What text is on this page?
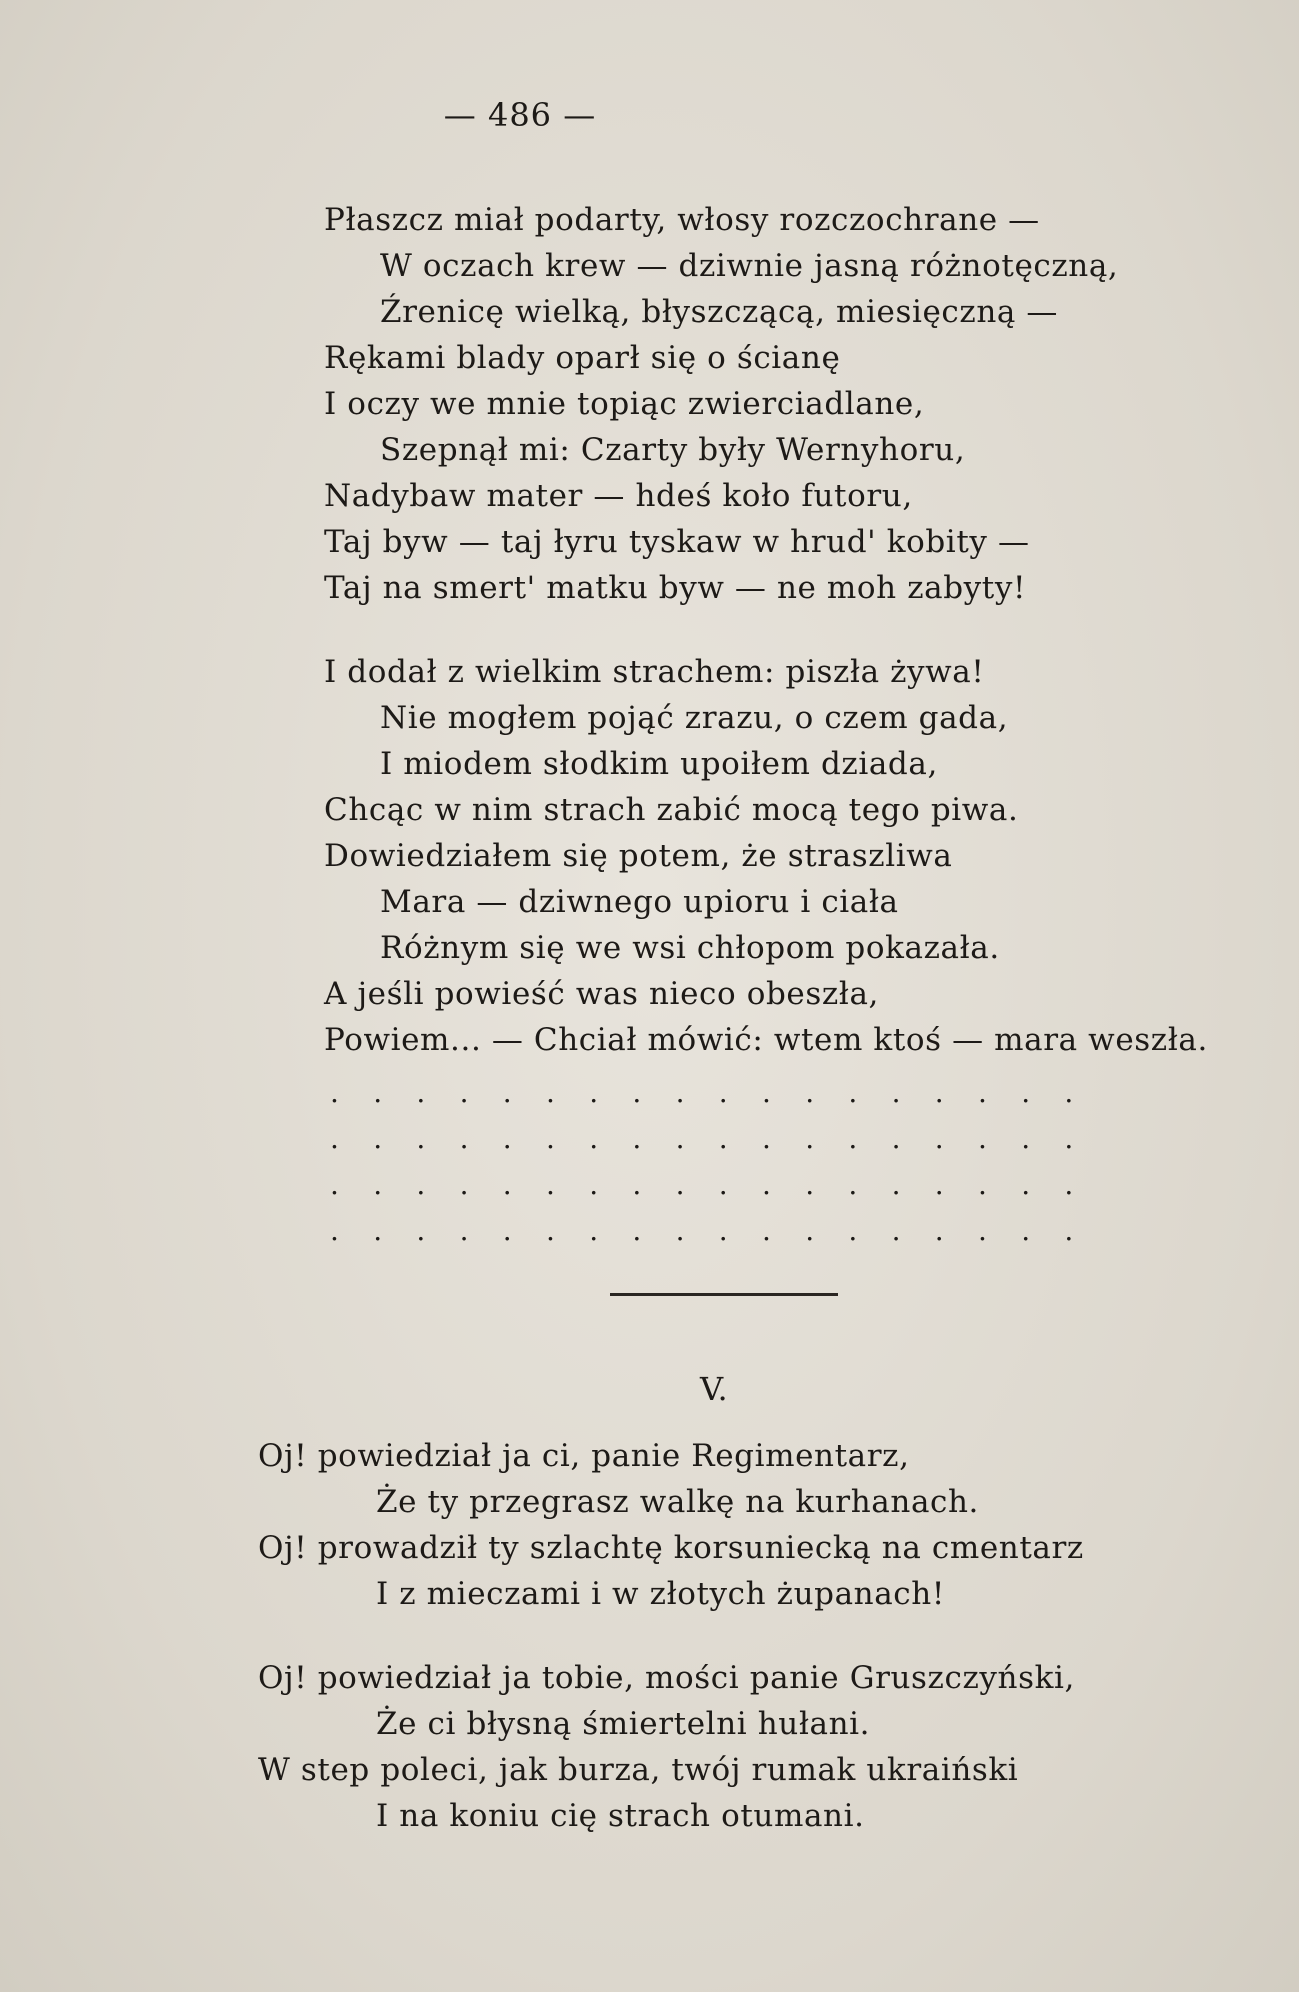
— 486 —
Płaszcz miał podarty, włosy rozczochrane —
W oczach krew — dziwnie jasną różnotęczną,
Źrenicę wielką, błyszczącą, miesięczną —
Rękami blady oparł się o ścianę
I oczy we mnie topiąc zwierciadlane,
Szepnął mi: Czarty były Wernyhoru,
Nadybaw mater — hdeś koło futoru,
Taj byw — taj łyru tyskaw w hrud' kobity —
Taj na smert' matku byw — ne moh zabyty!
I dodał z wielkim strachem: piszła żywa!
Nie mogłem pojąć zrazu, o czem gada,
I miodem słodkim upoiłem dziada,
Chcąc w nim strach zabić mocą tego piwa.
Dowiedziałem się potem, że straszliwa
Mara — dziwnego upioru i ciała
Różnym się we wsi chłopom pokazała.
A jeśli powieść was nieco obeszła,
Powiem... — Chciał mówić: wtem ktoś — mara weszła.
. . . . . . . . . . . . . . . . . .
. . . . . . . . . . . . . . . . . .
. . . . . . . . . . . . . . . . . .
. . . . . . . . . . . . . . . . . .
V.
Oj! powiedział ja ci, panie Regimentarz,
Że ty przegrasz walkę na kurhanach.
Oj! prowadził ty szlachtę korsuniecką na cmentarz
I z mieczami i w złotych żupanach!
Oj! powiedział ja tobie, mości panie Gruszczyński,
Że ci błysną śmiertelni hułani.
W step poleci, jak burza, twój rumak ukraiński
I na koniu cię strach otumani.
